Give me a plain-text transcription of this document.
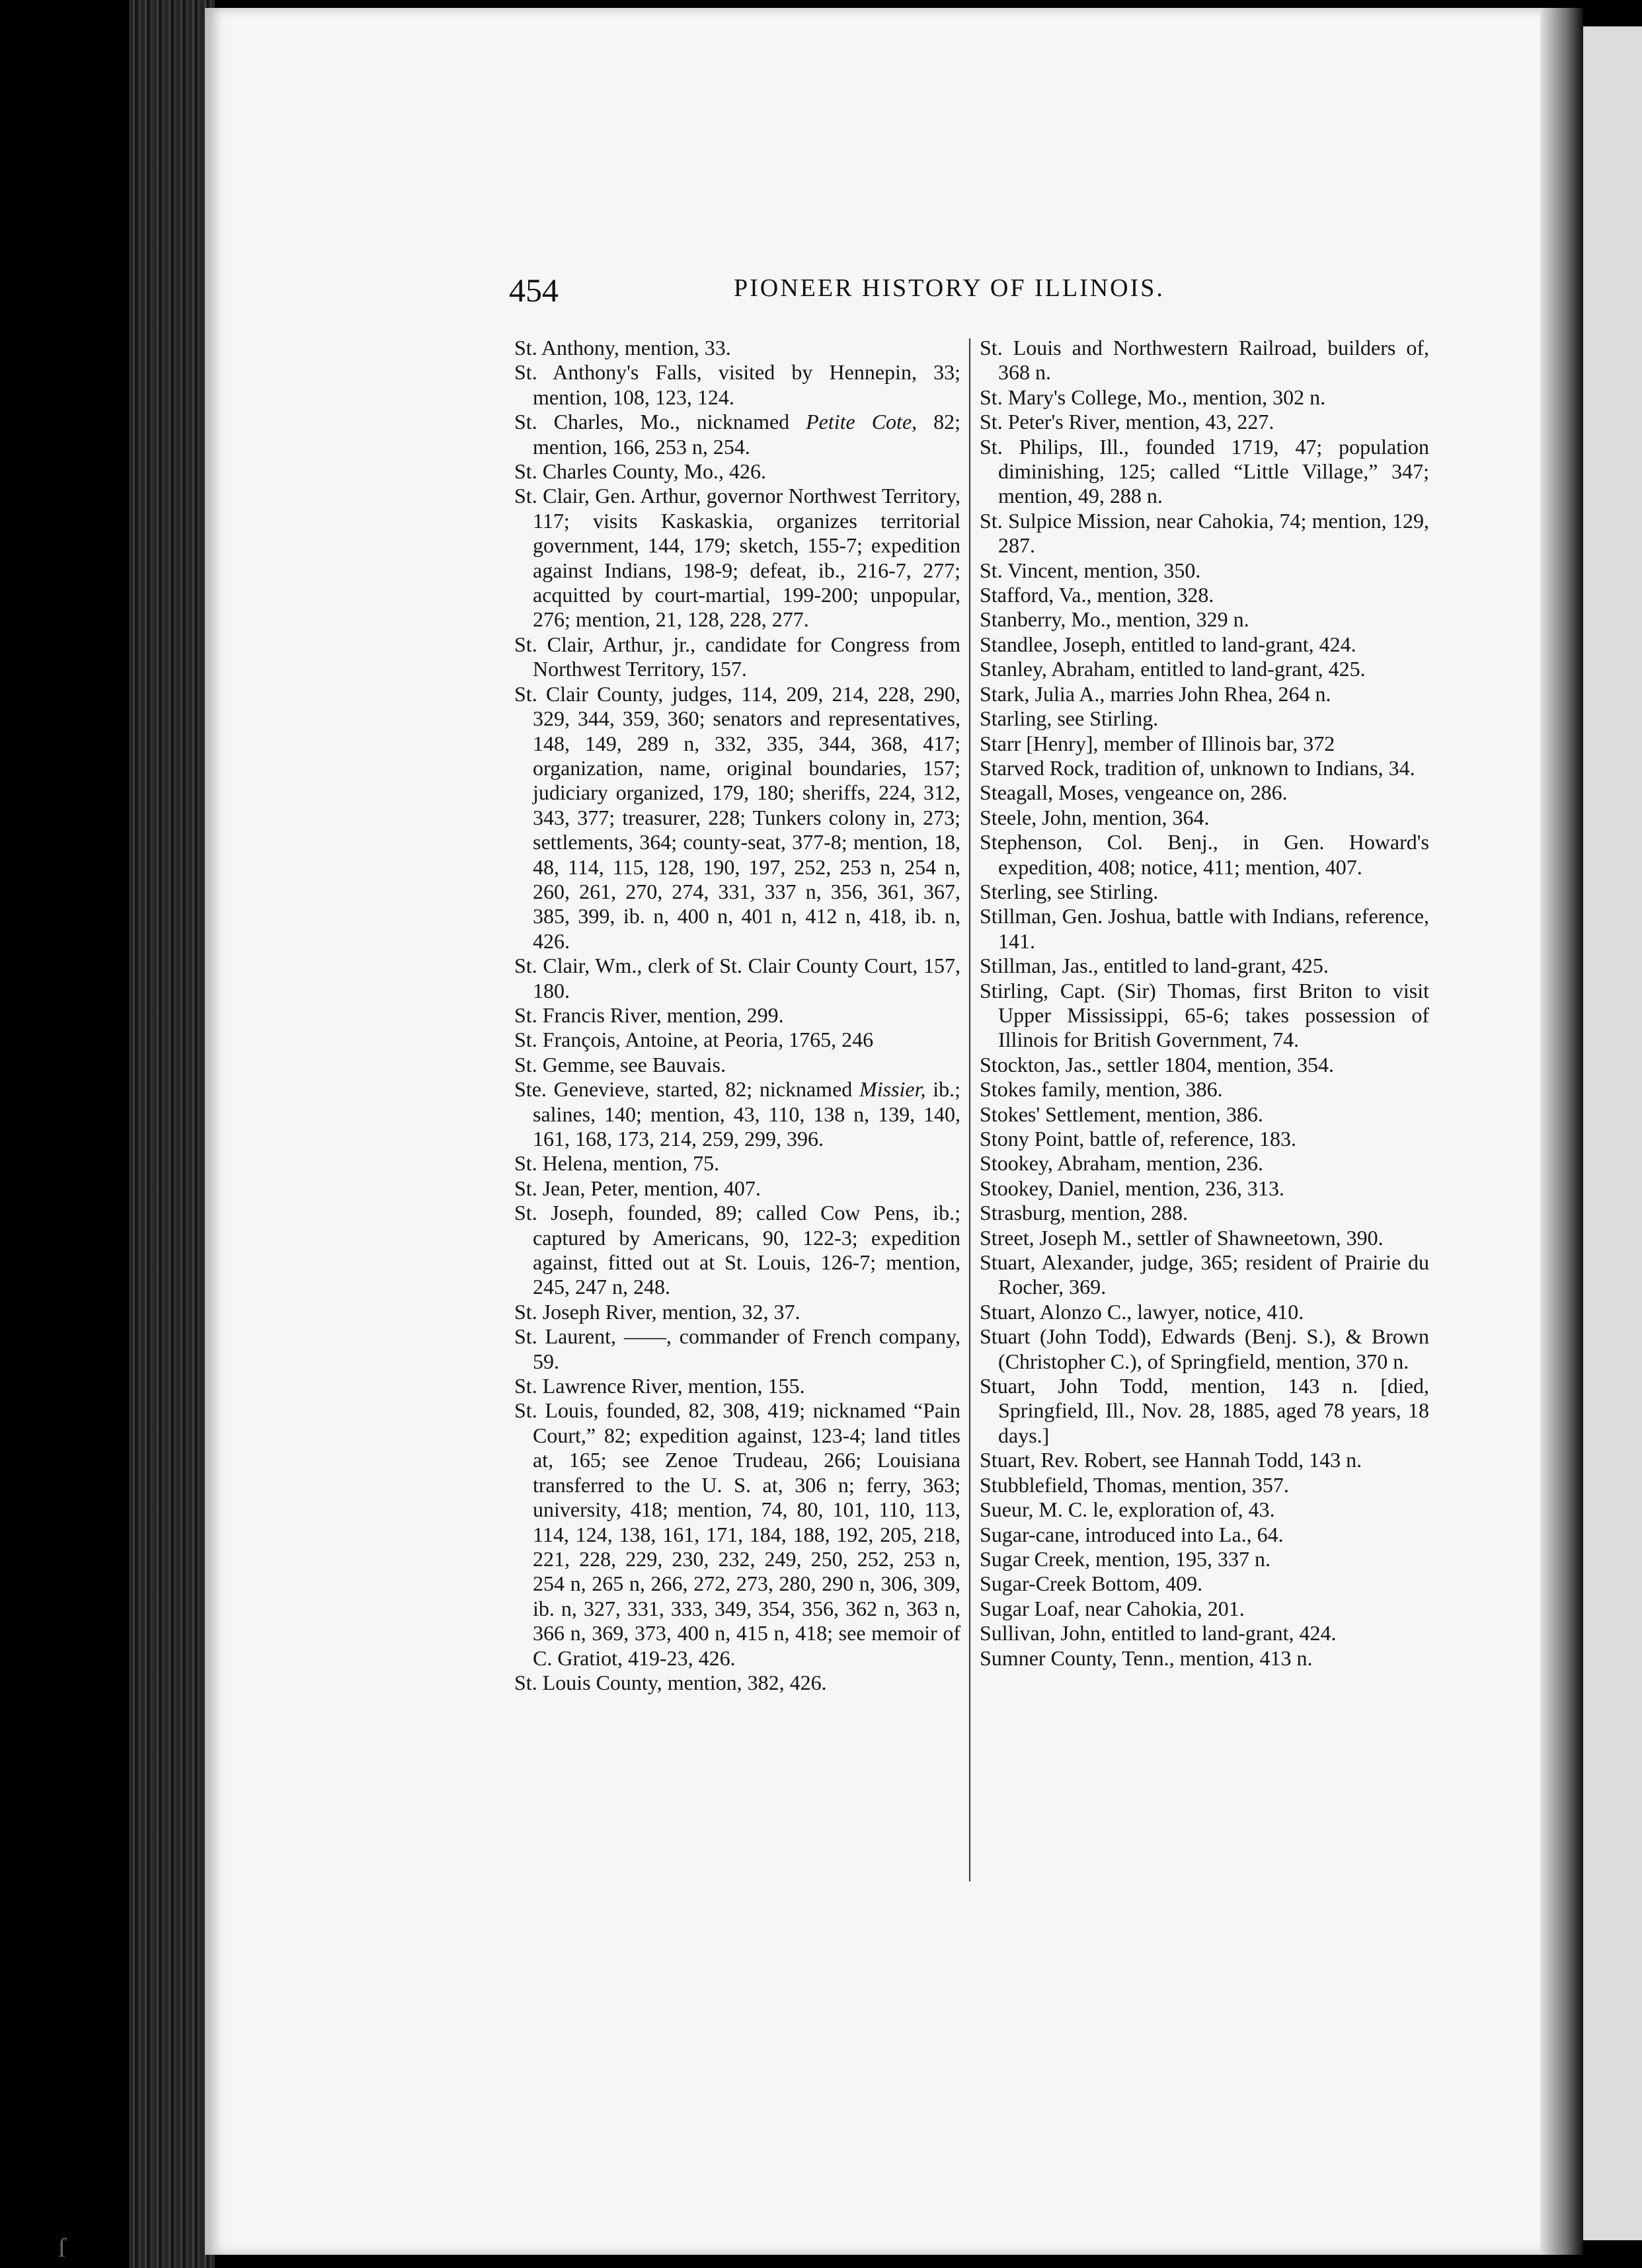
ſ
454	PIONEER HISTORY OF ILLINOIS.

St. Anthony, mention, 33.

St. Anthony's Falls, visited by Hennepin, 33; mention, 108, 123, 124.

St. Charles, Mo., nicknamed Petite Cote, 82; mention, 166, 253 n, 254.

St. Charles County, Mo., 426.

St. Clair, Gen. Arthur, governor Northwest Territory, 117; visits Kaskaskia, organizes territorial government, 144, 179; sketch, 155-7; expedition against Indians, 198-9; defeat, ib., 216-7, 277; acquitted by court-martial, 199-200; unpopular, 276; mention, 21, 128, 228, 277.

St. Clair, Arthur, jr., candidate for Congress from Northwest Territory, 157.

St. Clair County, judges, 114, 209, 214, 228, 290, 329, 344, 359, 360; senators and representatives, 148, 149, 289 n, 332, 335, 344, 368, 417; organization, name, original boundaries, 157; judiciary organized, 179, 180; sheriffs, 224, 312, 343, 377; treasurer, 228; Tunkers colony in, 273; settlements, 364; county-seat, 377-8; mention, 18, 48, 114, 115, 128, 190, 197, 252, 253 n, 254 n, 260, 261, 270, 274, 331, 337 n, 356, 361, 367, 385, 399, ib. n, 400 n, 401 n, 412 n, 418, ib. n, 426.

St. Clair, Wm., clerk of St. Clair County Court, 157, 180.

St. Francis River, mention, 299.

St. François, Antoine, at Peoria, 1765, 246

St. Gemme, see Bauvais.

Ste. Genevieve, started, 82; nicknamed Missier, ib.; salines, 140; mention, 43, 110, 138 n, 139, 140, 161, 168, 173, 214, 259, 299, 396.

St. Helena, mention, 75.

St. Jean, Peter, mention, 407.

St. Joseph, founded, 89; called Cow Pens, ib.; captured by Americans, 90, 122-3; expedition against, fitted out at St. Louis, 126-7; mention, 245, 247 n, 248.

St. Joseph River, mention, 32, 37.

St. Laurent, ——, commander of French company, 59.

St. Lawrence River, mention, 155.

St. Louis, founded, 82, 308, 419; nicknamed “Pain Court,” 82; expedition against, 123-4; land titles at, 165; see Zenoe Trudeau, 266; Louisiana transferred to the U. S. at, 306 n; ferry, 363; university, 418; mention, 74, 80, 101, 110, 113, 114, 124, 138, 161, 171, 184, 188, 192, 205, 218, 221, 228, 229, 230, 232, 249, 250, 252, 253 n, 254 n, 265 n, 266, 272, 273, 280, 290 n, 306, 309, ib. n, 327, 331, 333, 349, 354, 356, 362 n, 363 n, 366 n, 369, 373, 400 n, 415 n, 418; see memoir of C. Gratiot, 419-23, 426.

St. Louis County, mention, 382, 426.

St. Louis and Northwestern Railroad, builders of, 368 n.

St. Mary's College, Mo., mention, 302 n.

St. Peter's River, mention, 43, 227.

St. Philips, Ill., founded 1719, 47; population diminishing, 125; called “Little Village,” 347; mention, 49, 288 n.

St. Sulpice Mission, near Cahokia, 74; mention, 129, 287.

St. Vincent, mention, 350.

Stafford, Va., mention, 328.

Stanberry, Mo., mention, 329 n.

Standlee, Joseph, entitled to land-grant, 424.

Stanley, Abraham, entitled to land-grant, 425.

Stark, Julia A., marries John Rhea, 264 n.

Starling, see Stirling.

Starr [Henry], member of Illinois bar, 372

Starved Rock, tradition of, unknown to Indians, 34.

Steagall, Moses, vengeance on, 286.

Steele, John, mention, 364.

Stephenson, Col. Benj., in Gen. Howard's expedition, 408; notice, 411; mention, 407.

Sterling, see Stirling.

Stillman, Gen. Joshua, battle with Indians, reference, 141.

Stillman, Jas., entitled to land-grant, 425.

Stirling, Capt. (Sir) Thomas, first Briton to visit Upper Mississippi, 65-6; takes possession of Illinois for British Government, 74.

Stockton, Jas., settler 1804, mention, 354.

Stokes family, mention, 386.

Stokes' Settlement, mention, 386.

Stony Point, battle of, reference, 183.

Stookey, Abraham, mention, 236.

Stookey, Daniel, mention, 236, 313.

Strasburg, mention, 288.

Street, Joseph M., settler of Shawneetown, 390.

Stuart, Alexander, judge, 365; resident of Prairie du Rocher, 369.

Stuart, Alonzo C., lawyer, notice, 410.

Stuart (John Todd), Edwards (Benj. S.), & Brown (Christopher C.), of Springfield, mention, 370 n.

Stuart, John Todd, mention, 143 n. [died, Springfield, Ill., Nov. 28, 1885, aged 78 years, 18 days.]

Stuart, Rev. Robert, see Hannah Todd, 143 n.

Stubblefield, Thomas, mention, 357.

Sueur, M. C. le, exploration of, 43.

Sugar-cane, introduced into La., 64.

Sugar Creek, mention, 195, 337 n.

Sugar-Creek Bottom, 409.

Sugar Loaf, near Cahokia, 201.

Sullivan, John, entitled to land-grant, 424.

Sumner County, Tenn., mention, 413 n.
